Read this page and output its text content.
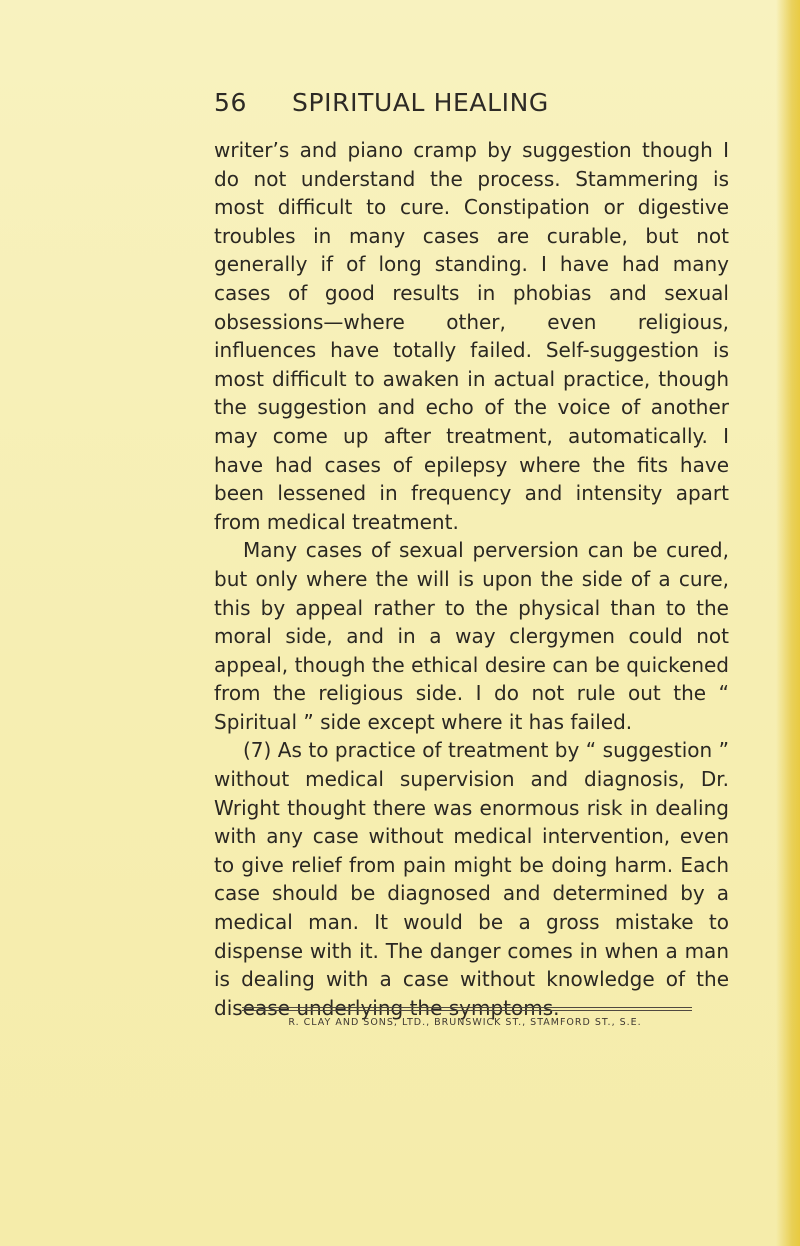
56 SPIRITUAL HEALING

writer’s and piano cramp by suggestion though I do not understand the process. Stammering is most difficult to cure. Constipation or digestive troubles in many cases are curable, but not generally if of long standing. I have had many cases of good results in phobias and sexual obsessions—where other, even religious, influences have totally failed. Self-suggestion is most difficult to awaken in actual practice, though the suggestion and echo of the voice of another may come up after treatment, automatically. I have had cases of epilepsy where the fits have been lessened in frequency and intensity apart from medical treatment.

Many cases of sexual perversion can be cured, but only where the will is upon the side of a cure, this by appeal rather to the physical than to the moral side, and in a way clergymen could not appeal, though the ethical desire can be quickened from the religious side. I do not rule out the “ Spiritual ” side except where it has failed.

(7) As to practice of treatment by “ suggestion ” without medical supervision and diagnosis, Dr. Wright thought there was enormous risk in dealing with any case without medical intervention, even to give relief from pain might be doing harm. Each case should be diagnosed and determined by a medical man. It would be a gross mistake to dispense with it. The danger comes in when a man is dealing with a case without knowledge of the disease underlying the symptoms.

R. CLAY AND SONS, LTD., BRUNSWICK ST., STAMFORD ST., S.E.
